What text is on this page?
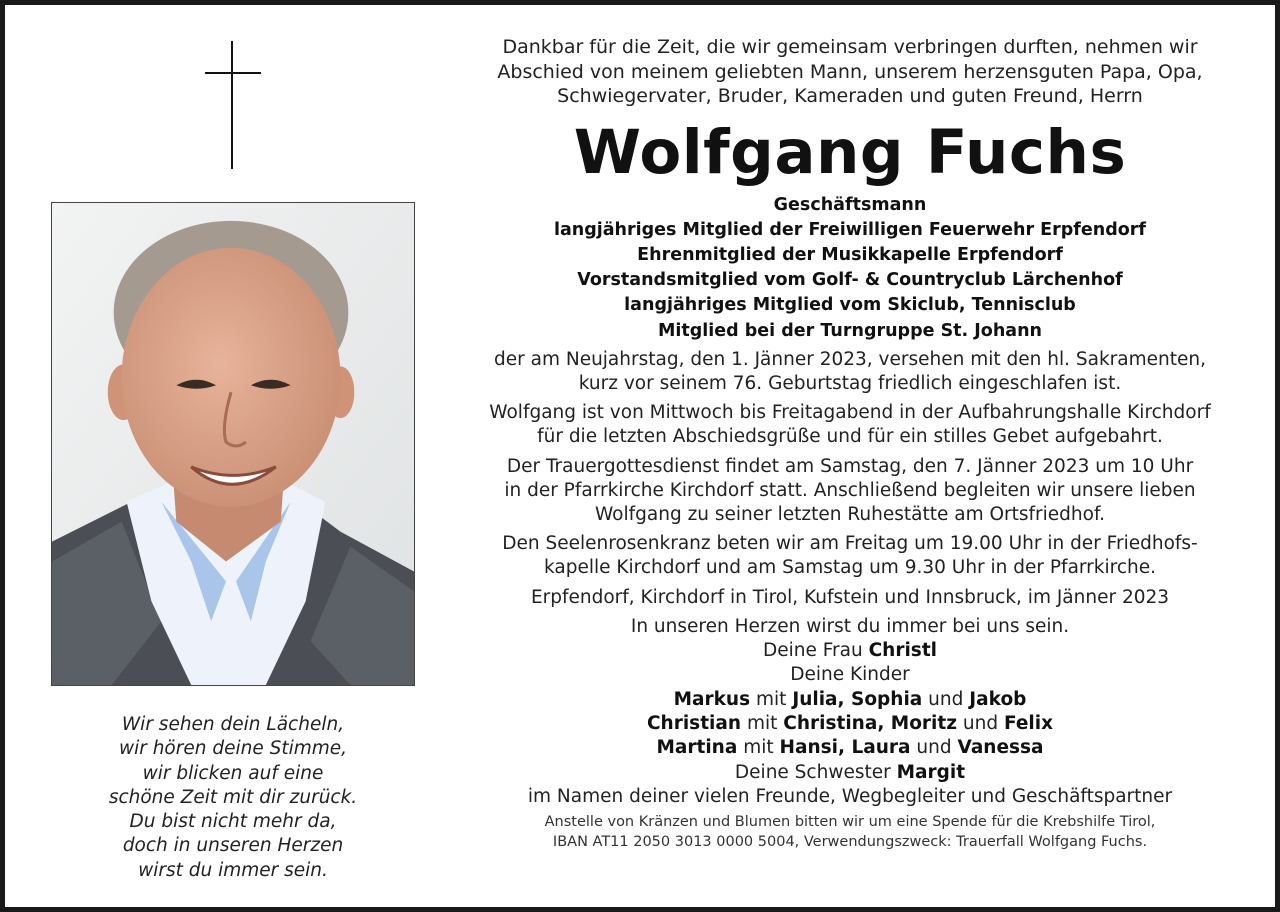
Wir sehen dein Lächeln,
wir hören deine Stimme,
wir blicken auf eine
schöne Zeit mit dir zurück.
Du bist nicht mehr da,
doch in unseren Herzen
wirst du immer sein.
Dankbar für die Zeit, die wir gemeinsam verbringen durften, nehmen wir
Abschied von meinem geliebten Mann, unserem herzensguten Papa, Opa,
Schwiegervater, Bruder, Kameraden und guten Freund, Herrn
Wolfgang Fuchs
Geschäftsmann
langjähriges Mitglied der Freiwilligen Feuerwehr Erpfendorf
Ehrenmitglied der Musikkapelle Erpfendorf
Vorstandsmitglied vom Golf- & Countryclub Lärchenhof
langjähriges Mitglied vom Skiclub, Tennisclub
Mitglied bei der Turngruppe St. Johann
der am Neujahrstag, den 1. Jänner 2023, versehen mit den hl. Sakramenten,
kurz vor seinem 76. Geburtstag friedlich eingeschlafen ist.
Wolfgang ist von Mittwoch bis Freitagabend in der Aufbahrungshalle Kirchdorf
für die letzten Abschiedsgrüße und für ein stilles Gebet aufgebahrt.
Der Trauergottesdienst findet am Samstag, den 7. Jänner 2023 um 10 Uhr
in der Pfarrkirche Kirchdorf statt. Anschließend begleiten wir unsere lieben
Wolfgang zu seiner letzten Ruhestätte am Ortsfriedhof.
Den Seelenrosenkranz beten wir am Freitag um 19.00 Uhr in der Friedhofs-
kapelle Kirchdorf und am Samstag um 9.30 Uhr in der Pfarrkirche.
Erpfendorf, Kirchdorf in Tirol, Kufstein und Innsbruck, im Jänner 2023
In unseren Herzen wirst du immer bei uns sein.
Deine Frau Christl
Deine Kinder
Markus mit Julia, Sophia und Jakob
Christian mit Christina, Moritz und Felix
Martina mit Hansi, Laura und Vanessa
Deine Schwester Margit
im Namen deiner vielen Freunde, Wegbegleiter und Geschäftspartner
Anstelle von Kränzen und Blumen bitten wir um eine Spende für die Krebshilfe Tirol,
IBAN AT11 2050 3013 0000 5004, Verwendungszweck: Trauerfall Wolfgang Fuchs.
